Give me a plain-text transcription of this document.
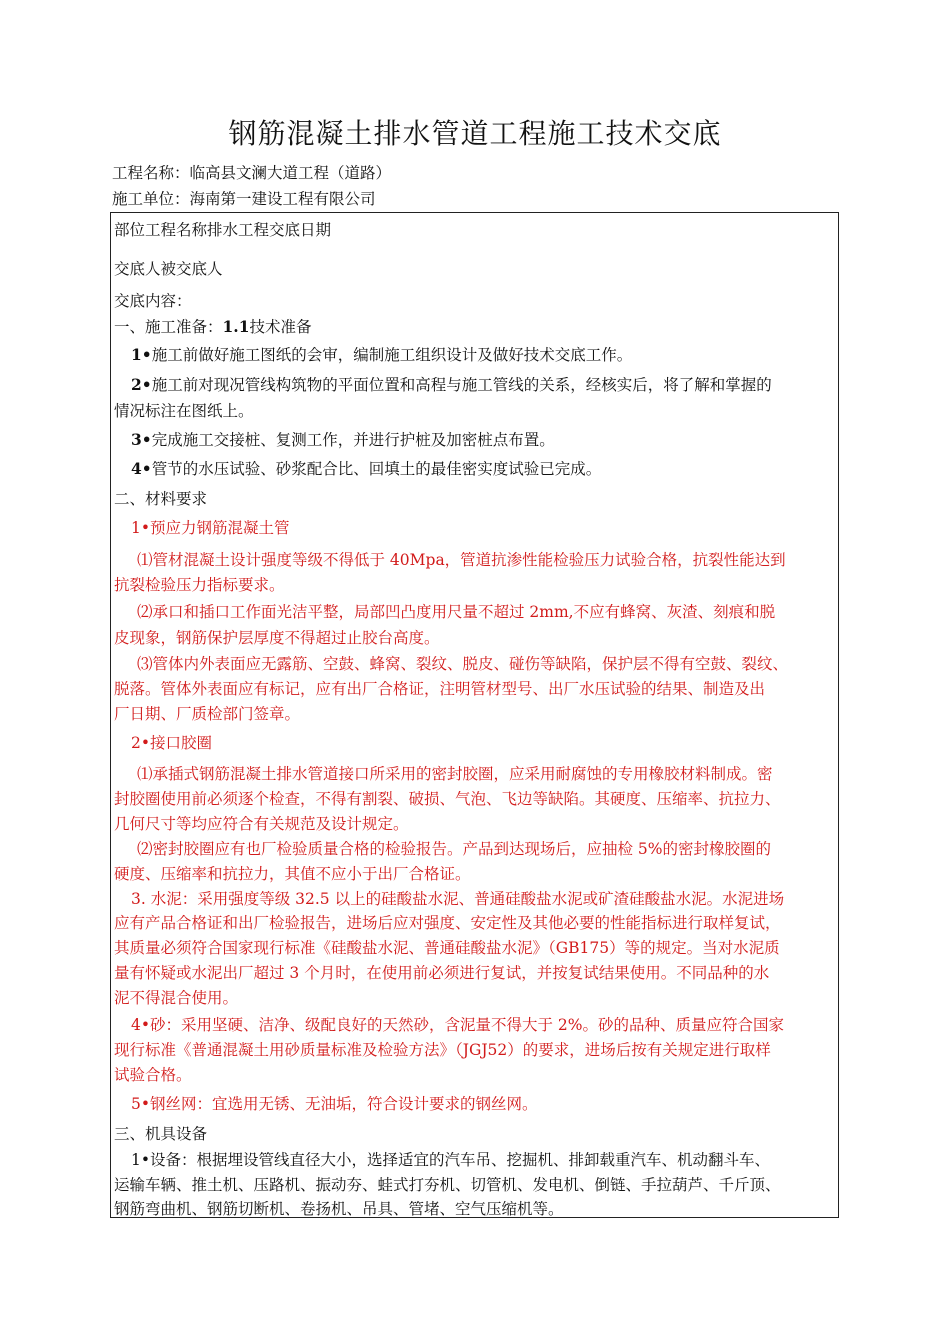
钢筋混凝土排水管道工程施工技术交底
工程名称：临高县文澜大道工程（道路）
施工单位：海南第一建设工程有限公司
部位工程名称排水工程交底日期
交底人被交底人
交底内容：
一、施工准备：1.1技术准备
1•施工前做好施工图纸的会审，编制施工组织设计及做好技术交底工作。
2•施工前对现况管线构筑物的平面位置和高程与施工管线的关系，经核实后，将了解和掌握的
情况标注在图纸上。
3•完成施工交接桩、复测工作，并进行护桩及加密桩点布置。
4•管节的水压试验、砂浆配合比、回填土的最佳密实度试验已完成。
二、材料要求
1•预应力钢筋混凝土管
⑴管材混凝土设计强度等级不得低于 40Mpa，管道抗渗性能检验压力试验合格，抗裂性能达到
抗裂检验压力指标要求。
⑵承口和插口工作面光洁平整，局部凹凸度用尺量不超过 2mm,不应有蜂窝、灰渣、刻痕和脱
皮现象，钢筋保护层厚度不得超过止胶台高度。
⑶管体内外表面应无露筋、空鼓、蜂窝、裂纹、脱皮、碰伤等缺陷，保护层不得有空鼓、裂纹、
脱落。管体外表面应有标记，应有出厂合格证，注明管材型号、出厂水压试验的结果、制造及出
厂日期、厂质检部门签章。
2•接口胶圈
⑴承插式钢筋混凝土排水管道接口所采用的密封胶圈，应采用耐腐蚀的专用橡胶材料制成。密
封胶圈使用前必须逐个检查，不得有割裂、破损、气泡、飞边等缺陷。其硬度、压缩率、抗拉力、
几何尺寸等均应符合有关规范及设计规定。
⑵密封胶圈应有也厂检验质量合格的检验报告。产品到达现场后，应抽检 5%的密封橡胶圈的
硬度、压缩率和抗拉力，其值不应小于出厂合格证。
3. 水泥：采用强度等级 32.5 以上的硅酸盐水泥、普通硅酸盐水泥或矿渣硅酸盐水泥。水泥进场
应有产品合格证和出厂检验报告，进场后应对强度、安定性及其他必要的性能指标进行取样复试，
其质量必须符合国家现行标准《硅酸盐水泥、普通硅酸盐水泥》（GB175）等的规定。当对水泥质
量有怀疑或水泥出厂超过 3 个月时，在使用前必须进行复试，并按复试结果使用。不同品种的水
泥不得混合使用。
4•砂：采用坚硬、洁净、级配良好的天然砂，含泥量不得大于 2%。砂的品种、质量应符合国家
现行标准《普通混凝土用砂质量标准及检验方法》（JGJ52）的要求，进场后按有关规定进行取样
试验合格。
5•钢丝网：宜选用无锈、无油垢，符合设计要求的钢丝网。
三、机具设备
1•设备：根据埋设管线直径大小，选择适宜的汽车吊、挖掘机、排卸载重汽车、机动翻斗车、
运输车辆、推土机、压路机、振动夯、蛙式打夯机、切管机、发电机、倒链、手拉葫芦、千斤顶、
钢筋弯曲机、钢筋切断机、卷扬机、吊具、管堵、空气压缩机等。
